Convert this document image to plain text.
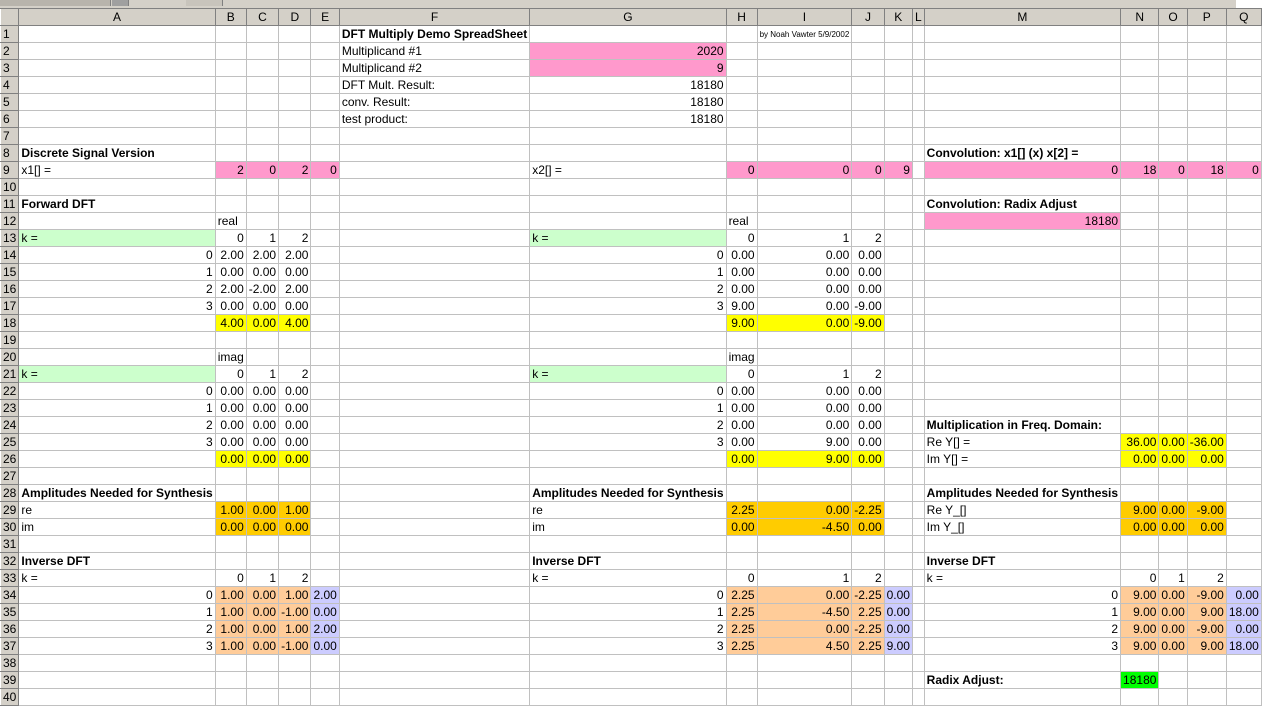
	A	B	C	D	E	F	G	H	I	J	K	L	M	N	O	P	Q
1						DFT Multiply Demo SpreadSheet			by Noah Vawter 5/9/2002								
2						Multiplicand #1	2020										
3						Multiplicand #2	9										
4						DFT Mult. Result:	18180										
5						conv. Result:	18180										
6						test product:	18180										
7																	
8	Discrete Signal Version												Convolution: x1[] (x) x[2] =				
9	x1[] =	2	0	2	0		x2[] =	0	0	0	9		0	18	0	18	0
10																	
11	Forward DFT												Convolution: Radix Adjust				
12		real						real					18180				
13	k =	0	1	2			k =	0	1	2							
14	0	2.00	2.00	2.00			0	0.00	0.00	0.00							
15	1	0.00	0.00	0.00			1	0.00	0.00	0.00							
16	2	2.00	-2.00	2.00			2	0.00	0.00	0.00							
17	3	0.00	0.00	0.00			3	9.00	0.00	-9.00							
18		4.00	0.00	4.00				9.00	0.00	-9.00							
19																	
20		imag						imag									
21	k =	0	1	2			k =	0	1	2							
22	0	0.00	0.00	0.00			0	0.00	0.00	0.00							
23	1	0.00	0.00	0.00			1	0.00	0.00	0.00							
24	2	0.00	0.00	0.00			2	0.00	0.00	0.00			Multiplication in Freq. Domain:				
25	3	0.00	0.00	0.00			3	0.00	9.00	0.00			Re Y[] =	36.00	0.00	-36.00	
26		0.00	0.00	0.00				0.00	9.00	0.00			Im Y[] =	0.00	0.00	0.00	
27																	
28	Amplitudes Needed for Synthesis						Amplitudes Needed for Synthesis						Amplitudes Needed for Synthesis				
29	re	1.00	0.00	1.00			re	2.25	0.00	-2.25			Re Y_[]	9.00	0.00	-9.00	
30	im	0.00	0.00	0.00			im	0.00	-4.50	0.00			Im Y_[]	0.00	0.00	0.00	
31																	
32	Inverse DFT						Inverse DFT						Inverse DFT				
33	k =	0	1	2			k =	0	1	2			k =	0	1	2	
34	0	1.00	0.00	1.00	2.00		0	2.25	0.00	-2.25	0.00		0	9.00	0.00	-9.00	0.00
35	1	1.00	0.00	-1.00	0.00		1	2.25	-4.50	2.25	0.00		1	9.00	0.00	9.00	18.00
36	2	1.00	0.00	1.00	2.00		2	2.25	0.00	-2.25	0.00		2	9.00	0.00	-9.00	0.00
37	3	1.00	0.00	-1.00	0.00		3	2.25	4.50	2.25	9.00		3	9.00	0.00	9.00	18.00
38																	
39													Radix Adjust:	18180			
40																	
